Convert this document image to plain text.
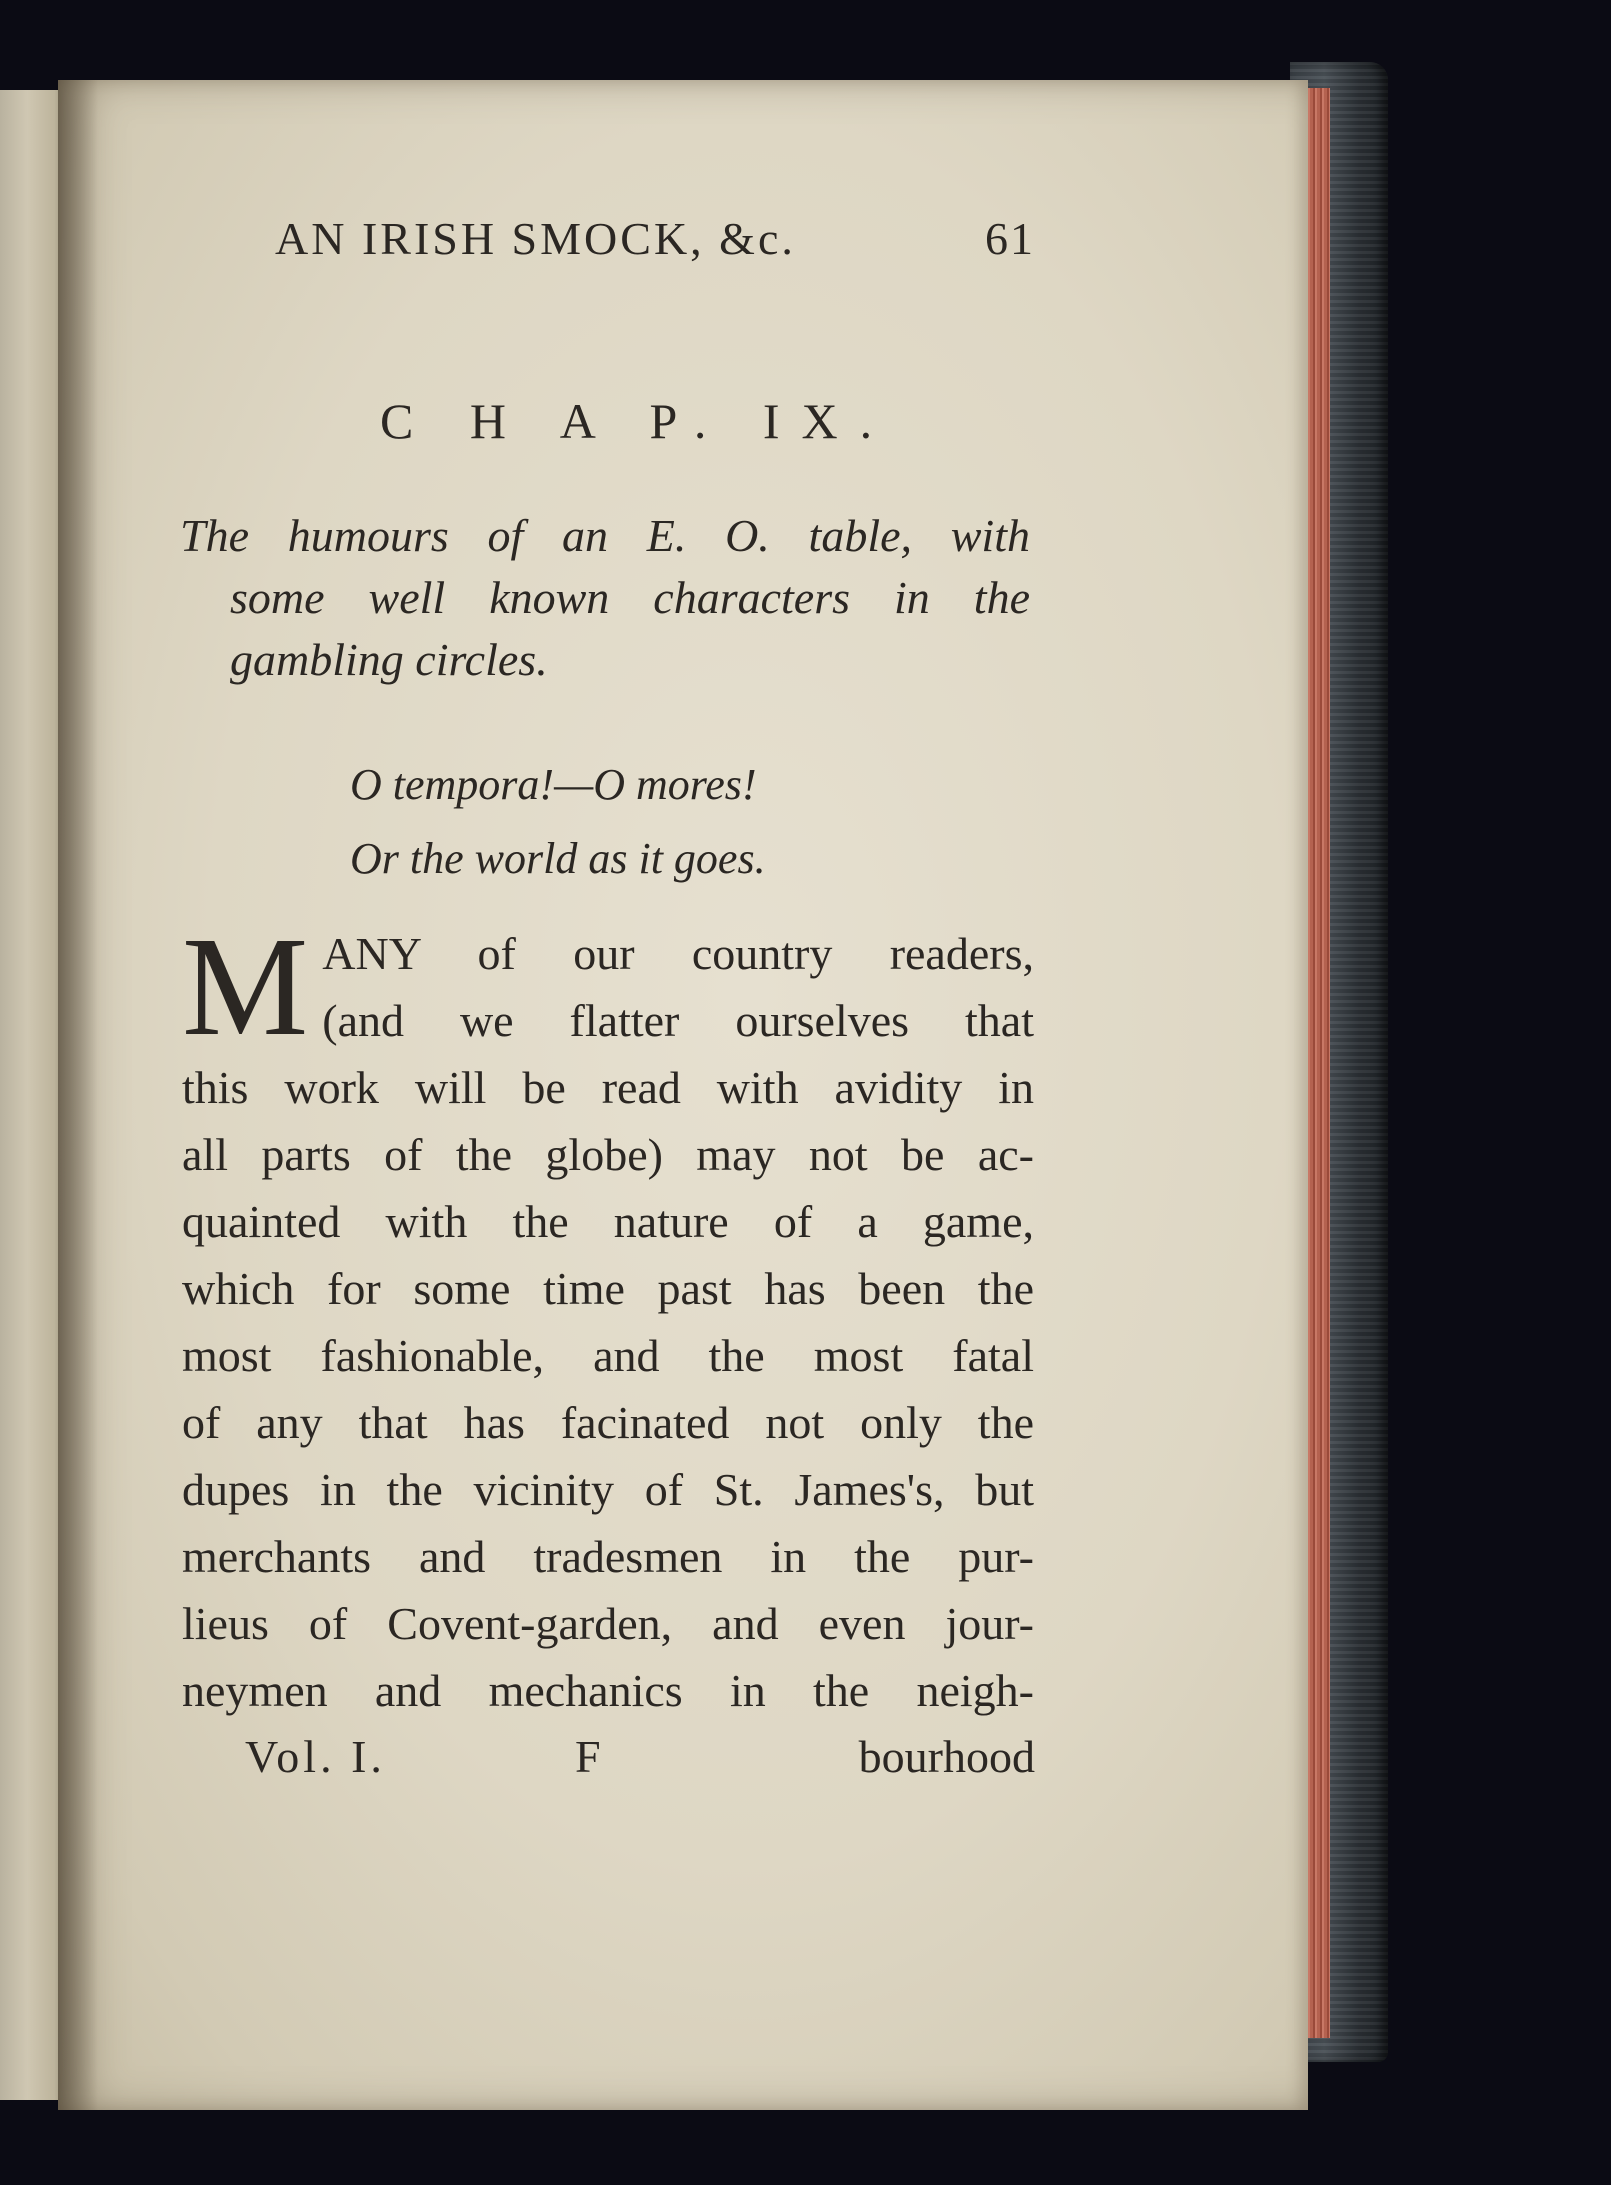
AN IRISH SMOCK, &c.	61
C H A P. IX.
The humours of an E. O. table, with
some well known characters in the
gambling circles.
O tempora!—O mores!
Or the world as it goes.
M ANY of our country readers,
(and we flatter ourselves that
this work will be read with avidity in
all parts of the globe) may not be ac-
quainted with the nature of a game,
which for some time past has been the
most fashionable, and the most fatal
of any that has facinated not only the
dupes in the vicinity of St. James's, but
merchants and tradesmen in the pur-
lieus of Covent-garden, and even jour-
neymen and mechanics in the neigh-
Vol. I.	F	bourhood
